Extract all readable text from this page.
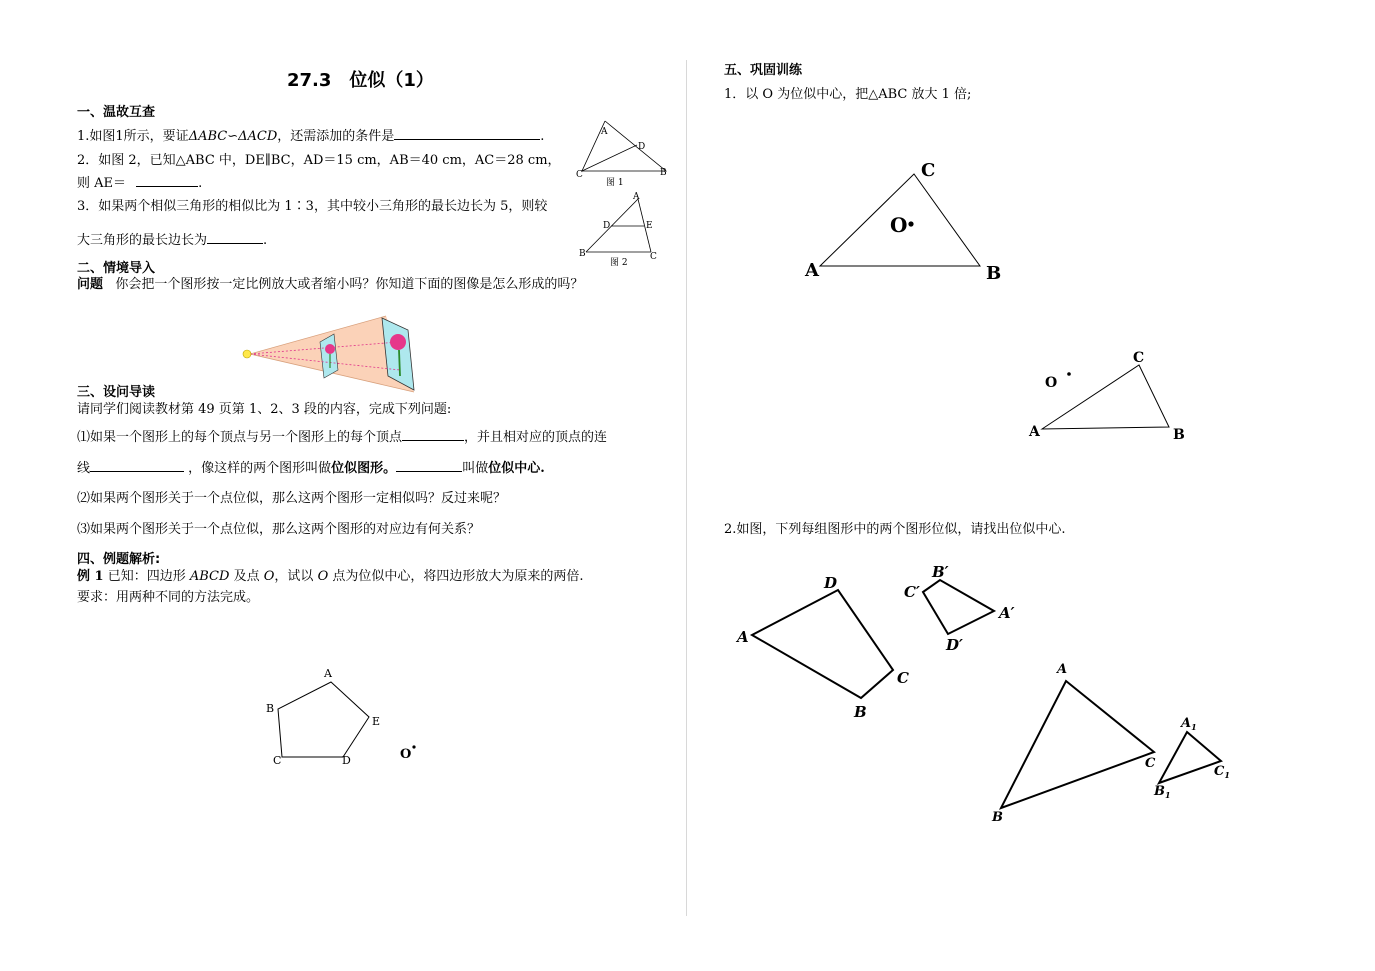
27.3　位似（1）
一、温故互查
1.如图1所示，要证ΔABC∽ΔACD，还需添加的条件是	.
2．如图 2，已知△ABC 中，DE∥BC，AD＝15 cm，AB＝40 cm，AC＝28 cm，
则 AE＝	.
3．如果两个相似三角形的相似比为 1∶3，其中较小三角形的最长边长为 5，则较
大三角形的最长边长为	.
A
D
C	B
图 1
A
D	E
B	C
图 2
二、情境导入
问题 你会把一个图形按一定比例放大或者缩小吗？你知道下面的图像是怎么形成的吗？
三、设问导读
请同学们阅读教材第 49 页第 1、2、3 段的内容，完成下列问题:
⑴如果一个图形上的每个顶点与另一个图形上的每个顶点	，并且相对应的顶点的连
线	，像这样的两个图形叫做位似图形。	叫做位似中心.
⑵如果两个图形关于一个点位似，那么这两个图形一定相似吗？反过来呢？
⑶如果两个图形关于一个点位似，那么这两个图形的对应边有何关系？
四、例题解析:
例 1 已知：四边形 ABCD 及点 O，试以 O 点为位似中心，将四边形放大为原来的两倍.
要求：用两种不同的方法完成。
A
B
C	D
E
O
五、巩固训练
1．以 O 为位似中心，把△ABC 放大 1 倍;
A	B
C
O
A	B
C
O
2.如图，下列每组图形中的两个图形位似，请找出位似中心.
A
D
C
B
C′
B′
A′
D′
A
C
B
$A_1$
$C_1$
$B_1$
